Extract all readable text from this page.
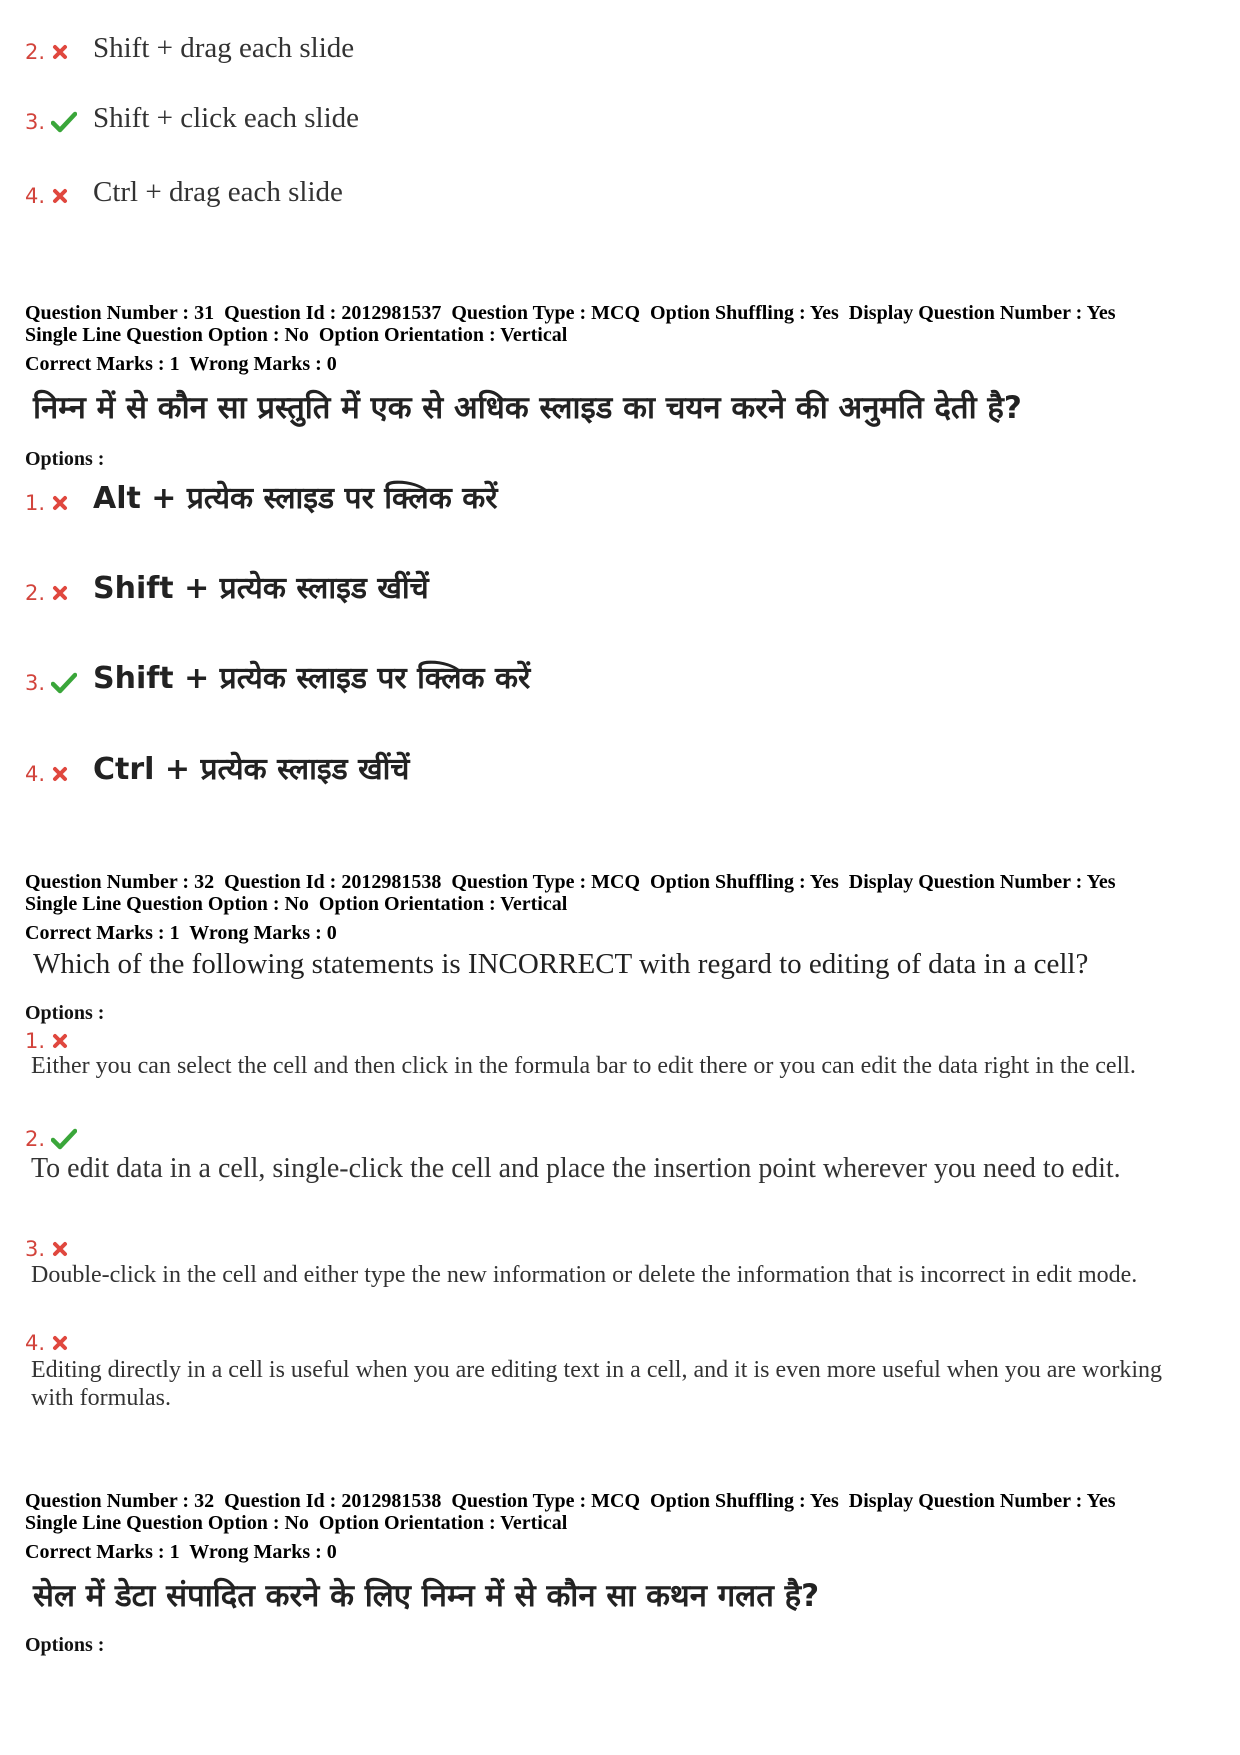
2. Shift + drag each slide
3. Shift + click each slide
4. Ctrl + drag each slide
Question Number : 31  Question Id : 2012981537  Question Type : MCQ  Option Shuffling : Yes  Display Question Number : Yes
Single Line Question Option : No  Option Orientation : Vertical
Correct Marks : 1  Wrong Marks : 0
निम्न में से कौन सा प्रस्तुति में एक से अधिक स्लाइड का चयन करने की अनुमति देती है?
Options :
1. Alt + प्रत्येक स्लाइड पर क्लिक करें
2. Shift + प्रत्येक स्लाइड खींचें
3. Shift + प्रत्येक स्लाइड पर क्लिक करें
4. Ctrl + प्रत्येक स्लाइड खींचें
Question Number : 32  Question Id : 2012981538  Question Type : MCQ  Option Shuffling : Yes  Display Question Number : Yes
Single Line Question Option : No  Option Orientation : Vertical
Correct Marks : 1  Wrong Marks : 0
Which of the following statements is INCORRECT with regard to editing of data in a cell?
Options :
1.
Either you can select the cell and then click in the formula bar to edit there or you can edit the data right in the cell.
2.
To edit data in a cell, single-click the cell and place the insertion point wherever you need to edit.
3.
Double-click in the cell and either type the new information or delete the information that is incorrect in edit mode.
4.
Editing directly in a cell is useful when you are editing text in a cell, and it is even more useful when you are working with formulas.
Question Number : 32  Question Id : 2012981538  Question Type : MCQ  Option Shuffling : Yes  Display Question Number : Yes
Single Line Question Option : No  Option Orientation : Vertical
Correct Marks : 1  Wrong Marks : 0
सेल में डेटा संपादित करने के लिए निम्न में से कौन सा कथन गलत है?
Options :
